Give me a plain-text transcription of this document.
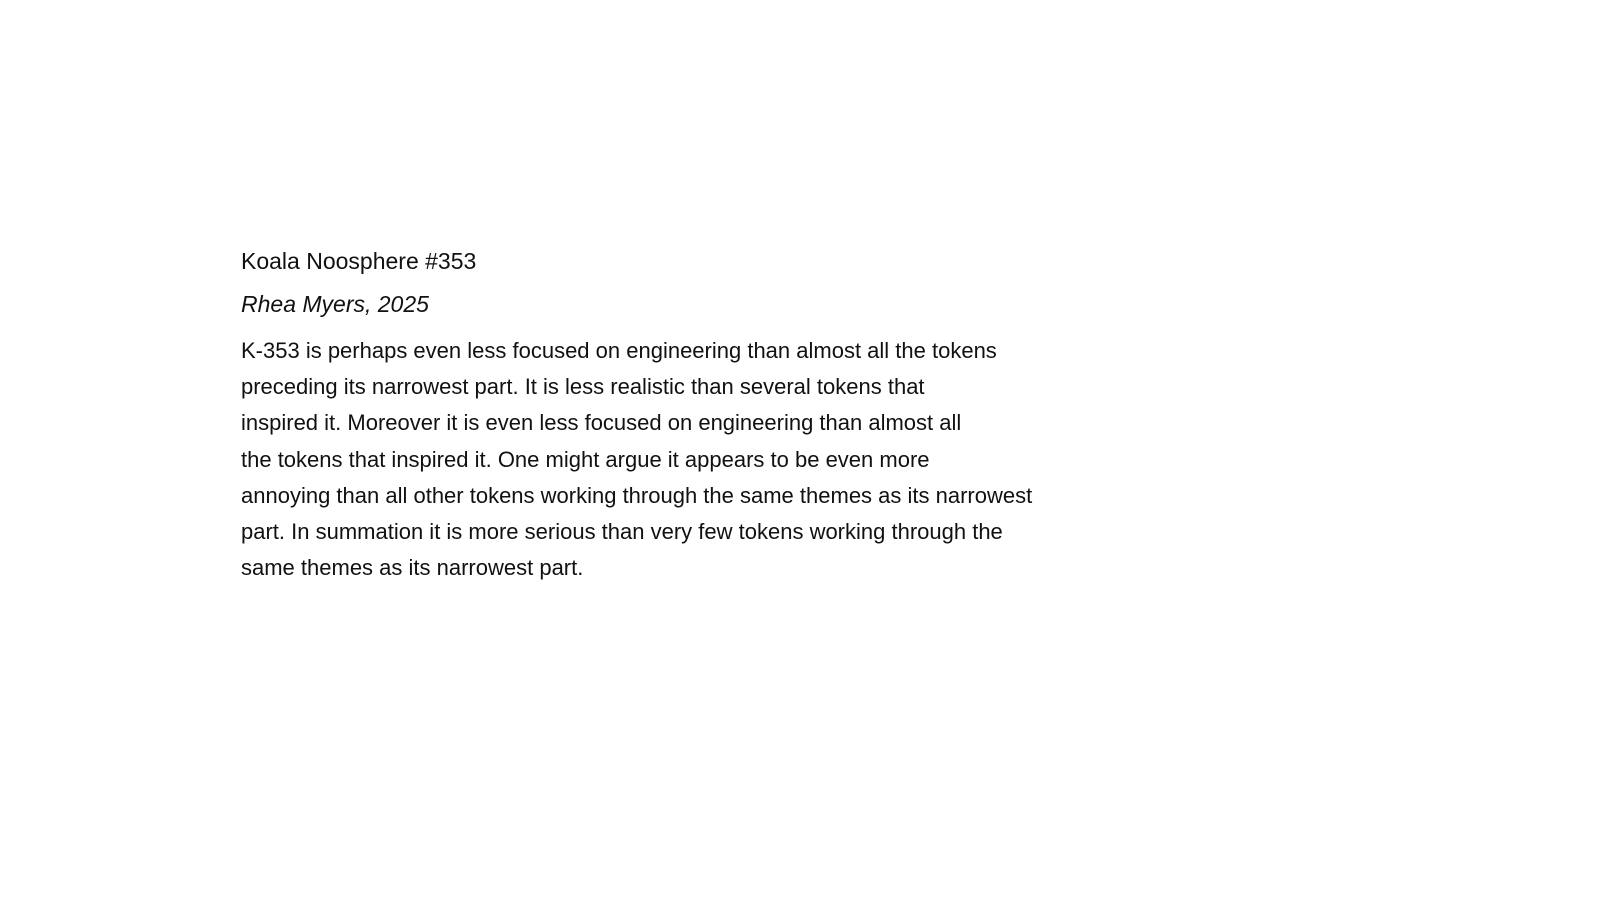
Koala Noosphere #353

Rhea Myers, 2025

K-353 is perhaps even less focused on engineering than almost all the tokens
preceding its narrowest part. It is less realistic than several tokens that
inspired it. Moreover it is even less focused on engineering than almost all
the tokens that inspired it. One might argue it appears to be even more
annoying than all other tokens working through the same themes as its narrowest
part. In summation it is more serious than very few tokens working through the
same themes as its narrowest part.
